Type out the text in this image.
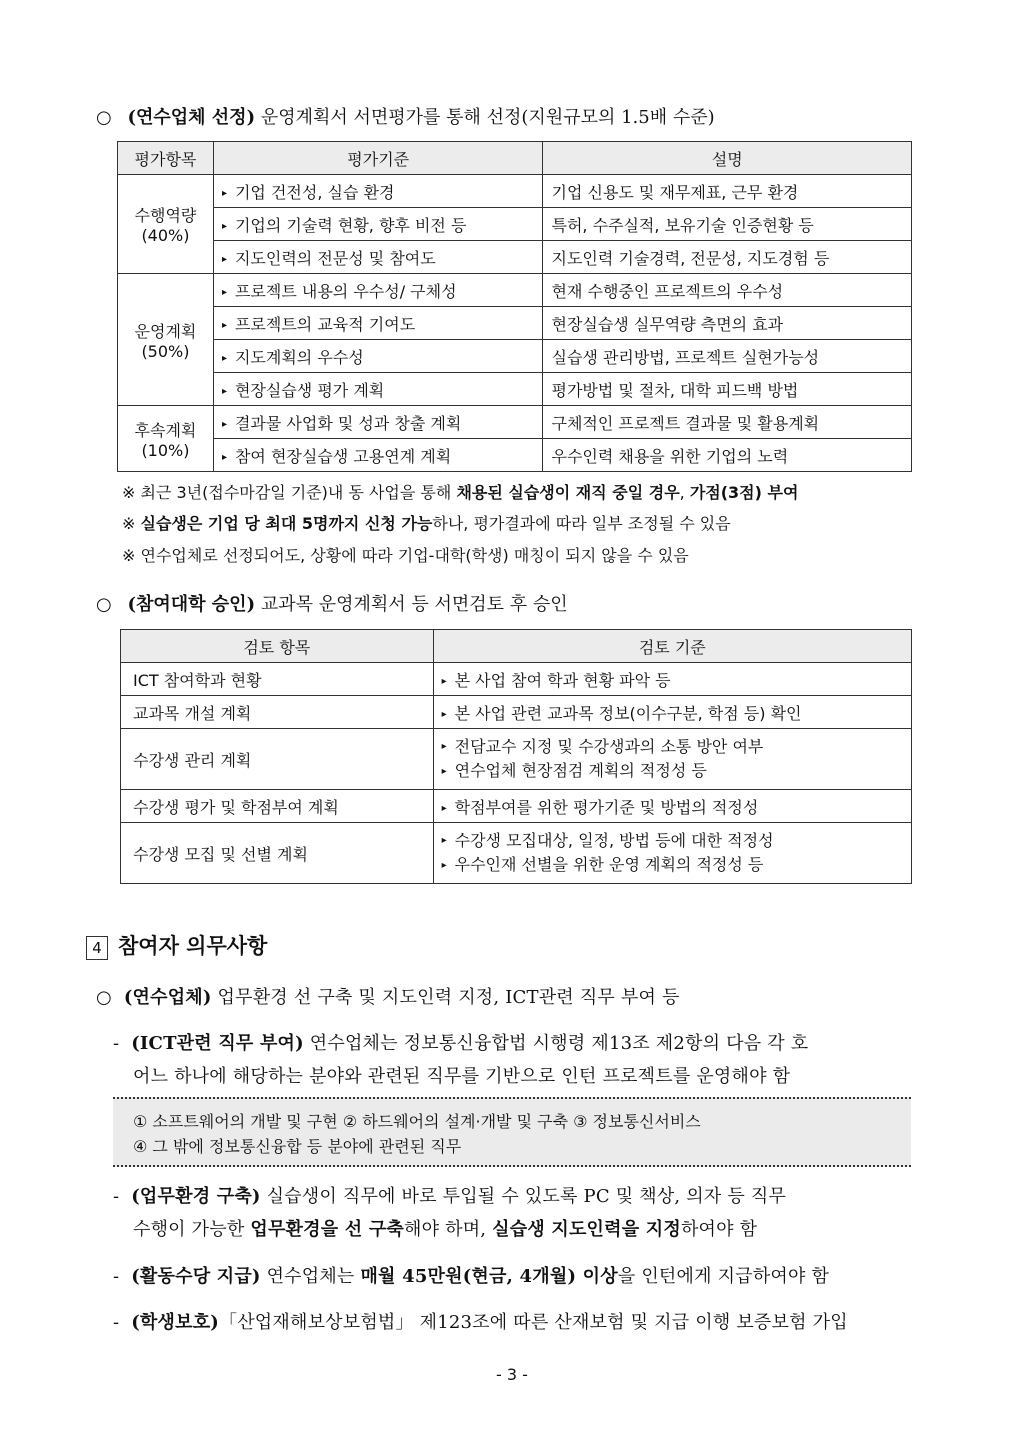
○ (연수업체 선정) 운영계획서 서면평가를 통해 선정(지원규모의 1.5배 수준)
평가항목	평가기준	설명

수행역량
(40%)	▸ 기업 건전성, 실습 환경	기업 신용도 및 재무제표, 근무 환경
	▸ 기업의 기술력 현황, 향후 비전 등	특허, 수주실적, 보유기술 인증현황 등
	▸ 지도인력의 전문성 및 참여도	지도인력 기술경력, 전문성, 지도경험 등

운영계획
(50%)	▸ 프로젝트 내용의 우수성/ 구체성	현재 수행중인 프로젝트의 우수성
	▸ 프로젝트의 교육적 기여도	현장실습생 실무역량 측면의 효과
	▸ 지도계획의 우수성	실습생 관리방법, 프로젝트 실현가능성
	▸ 현장실습생 평가 계획	평가방법 및 절차, 대학 피드백 방법

후속계획
(10%)	▸ 결과물 사업화 및 성과 창출 계획	구체적인 프로젝트 결과물 및 활용계획
	▸ 참여 현장실습생 고용연계 계획	우수인력 채용을 위한 기업의 노력
※ 최근 3년(접수마감일 기준)내 동 사업을 통해 채용된 실습생이 재직 중일 경우, 가점(3점) 부여
※ 실습생은 기업 당 최대 5명까지 신청 가능하나, 평가결과에 따라 일부 조정될 수 있음
※ 연수업체로 선정되어도, 상황에 따라 기업-대학(학생) 매칭이 되지 않을 수 있음
○ (참여대학 승인) 교과목 운영계획서 등 서면검토 후 승인
검토 항목	검토 기준
ICT 참여학과 현황	▸ 본 사업 참여 학과 현황 파악 등

교과목 개설 계획	▸ 본 사업 관련 교과목 정보(이수구분, 학점 등) 확인

수강생 관리 계획	▸ 전담교수 지정 및 수강생과의 소통 방안 여부
▸ 연수업체 현장점검 계획의 적정성 등

수강생 평가 및 학점부여 계획	▸ 학점부여를 위한 평가기준 및 방법의 적정성

수강생 모집 및 선별 계획	▸ 수강생 모집대상, 일정, 방법 등에 대한 적정성
▸ 우수인재 선별을 위한 운영 계획의 적정성 등
4 참여자 의무사항
○ (연수업체) 업무환경 선 구축 및 지도인력 지정, ICT관련 직무 부여 등
- (ICT관련 직무 부여) 연수업체는 정보통신융합법 시행령 제13조 제2항의 다음 각 호
어느 하나에 해당하는 분야와 관련된 직무를 기반으로 인턴 프로젝트를 운영해야 함
① 소프트웨어의 개발 및 구현 ② 하드웨어의 설계·개발 및 구축 ③ 정보통신서비스
④ 그 밖에 정보통신융합 등 분야에 관련된 직무
- (업무환경 구축) 실습생이 직무에 바로 투입될 수 있도록 PC 및 책상, 의자 등 직무
수행이 가능한 업무환경을 선 구축해야 하며, 실습생 지도인력을 지정하여야 함
- (활동수당 지급) 연수업체는 매월 45만원(현금, 4개월) 이상을 인턴에게 지급하여야 함
- (학생보호)「산업재해보상보험법」 제123조에 따른 산재보험 및 지급 이행 보증보험 가입
- 3 -
